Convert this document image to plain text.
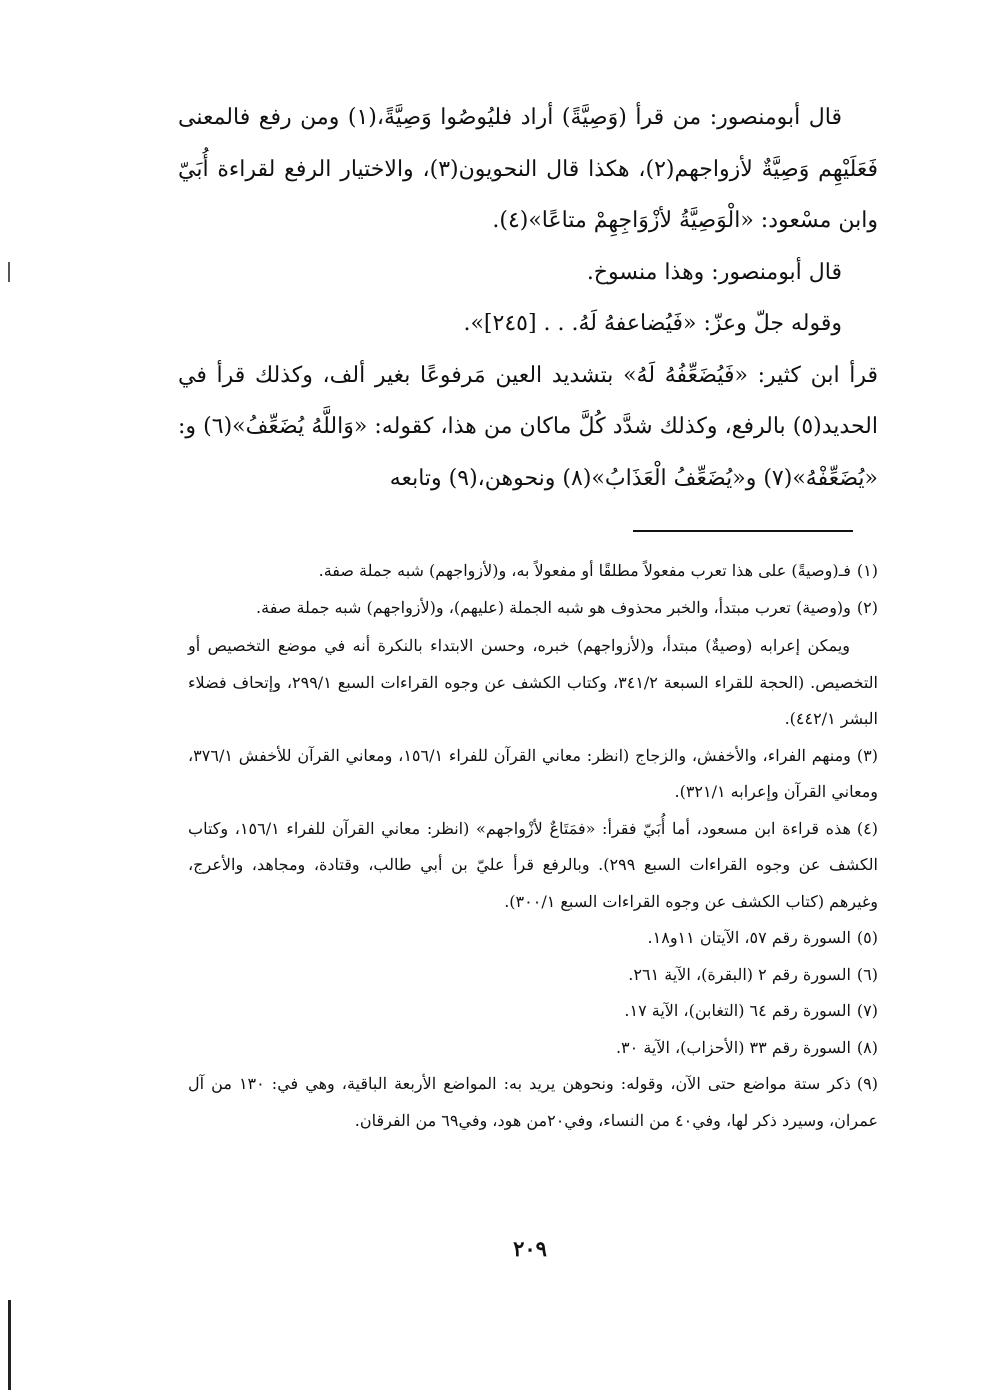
قال أبومنصور: من قرأ (وَصِيَّةً) أراد فليُوصُوا وَصِيَّةً،(١) ومن رفع فالمعنى فَعَلَيْهِم وَصِيَّةٌ لأزواجهم(٢)، هكذا قال النحويون(٣)، والاختيار الرفع لقراءة أُبَيّ وابن مسْعود: «الْوَصِيَّةُ لأزْوَاجِهِمْ متاعًا»(٤).

قال أبومنصور: وهذا منسوخ.

وقوله جلّ وعزّ: «فَيُضاعفهُ لَهُ. . . [٢٤٥]».

قرأ ابن كثير: «فَيُضَعِّفُهُ لَهُ» بتشديد العين مَرفوعًا بغير ألف، وكذلك قرأ في الحديد(٥) بالرفع، وكذلك شدَّد كُلَّ ماكان من هذا، كقوله: «وَاللَّهُ يُضَعِّفُ»(٦) و: «يُضَعِّفْهُ»(٧) و«يُضَعِّفُ الْعَذَابُ»(٨) ونحوهن،(٩) وتابعه

(١)فـ(وصيةً) على هذا تعرب مفعولاً مطلقًا أو مفعولاً به، و(لأزواجهم) شبه جملة صفة.

(٢)و(وصية) تعرب مبتدأ، والخبر محذوف هو شبه الجملة (عليهم)، و(لأزواجهم) شبه جملة صفة.

ويمكن إعرابه (وصيةٌ) مبتدأ، و(لأزواجهم) خبره، وحسن الابتداء بالنكرة أنه في موضع التخصيص أو التخصيص. (الحجة للقراء السبعة ٣٤١/٢، وكتاب الكشف عن وجوه القراءات السبع ٢٩٩/١، وإتحاف فضلاء البشر ٤٤٢/١).

(٣)ومنهم الفراء، والأخفش، والزجاج (انظر: معاني القرآن للفراء ١٥٦/١، ومعاني القرآن للأخفش ٣٧٦/١، ومعاني القرآن وإعرابه ٣٢١/١).

(٤)هذه قراءة ابن مسعود، أما أُبَيّ فقرأ: «فمَتَاعٌ لأزْواجهم» (انظر: معاني القرآن للفراء ١٥٦/١، وكتاب الكشف عن وجوه القراءات السبع ٢٩٩). وبالرفع قرأ عليّ بن أبي طالب، وقتادة، ومجاهد، والأعرج، وغيرهم (كتاب الكشف عن وجوه القراءات السبع ٣٠٠/١).

(٥)السورة رقم ٥٧، الآيتان ١١و١٨.

(٦)السورة رقم ٢ (البقرة)، الآية ٢٦١.

(٧)السورة رقم ٦٤ (التغابن)، الآية ١٧.

(٨)السورة رقم ٣٣ (الأحزاب)، الآية ٣٠.

(٩)ذكر ستة مواضع حتى الآن، وقوله: ونحوهن يريد به: المواضع الأربعة الباقية، وهي في: ١٣٠ من آل عمران، وسيرد ذكر لها، وفي٤٠ من النساء، وفي٢٠من هود، وفي٦٩ من الفرقان.

٢٠٩
